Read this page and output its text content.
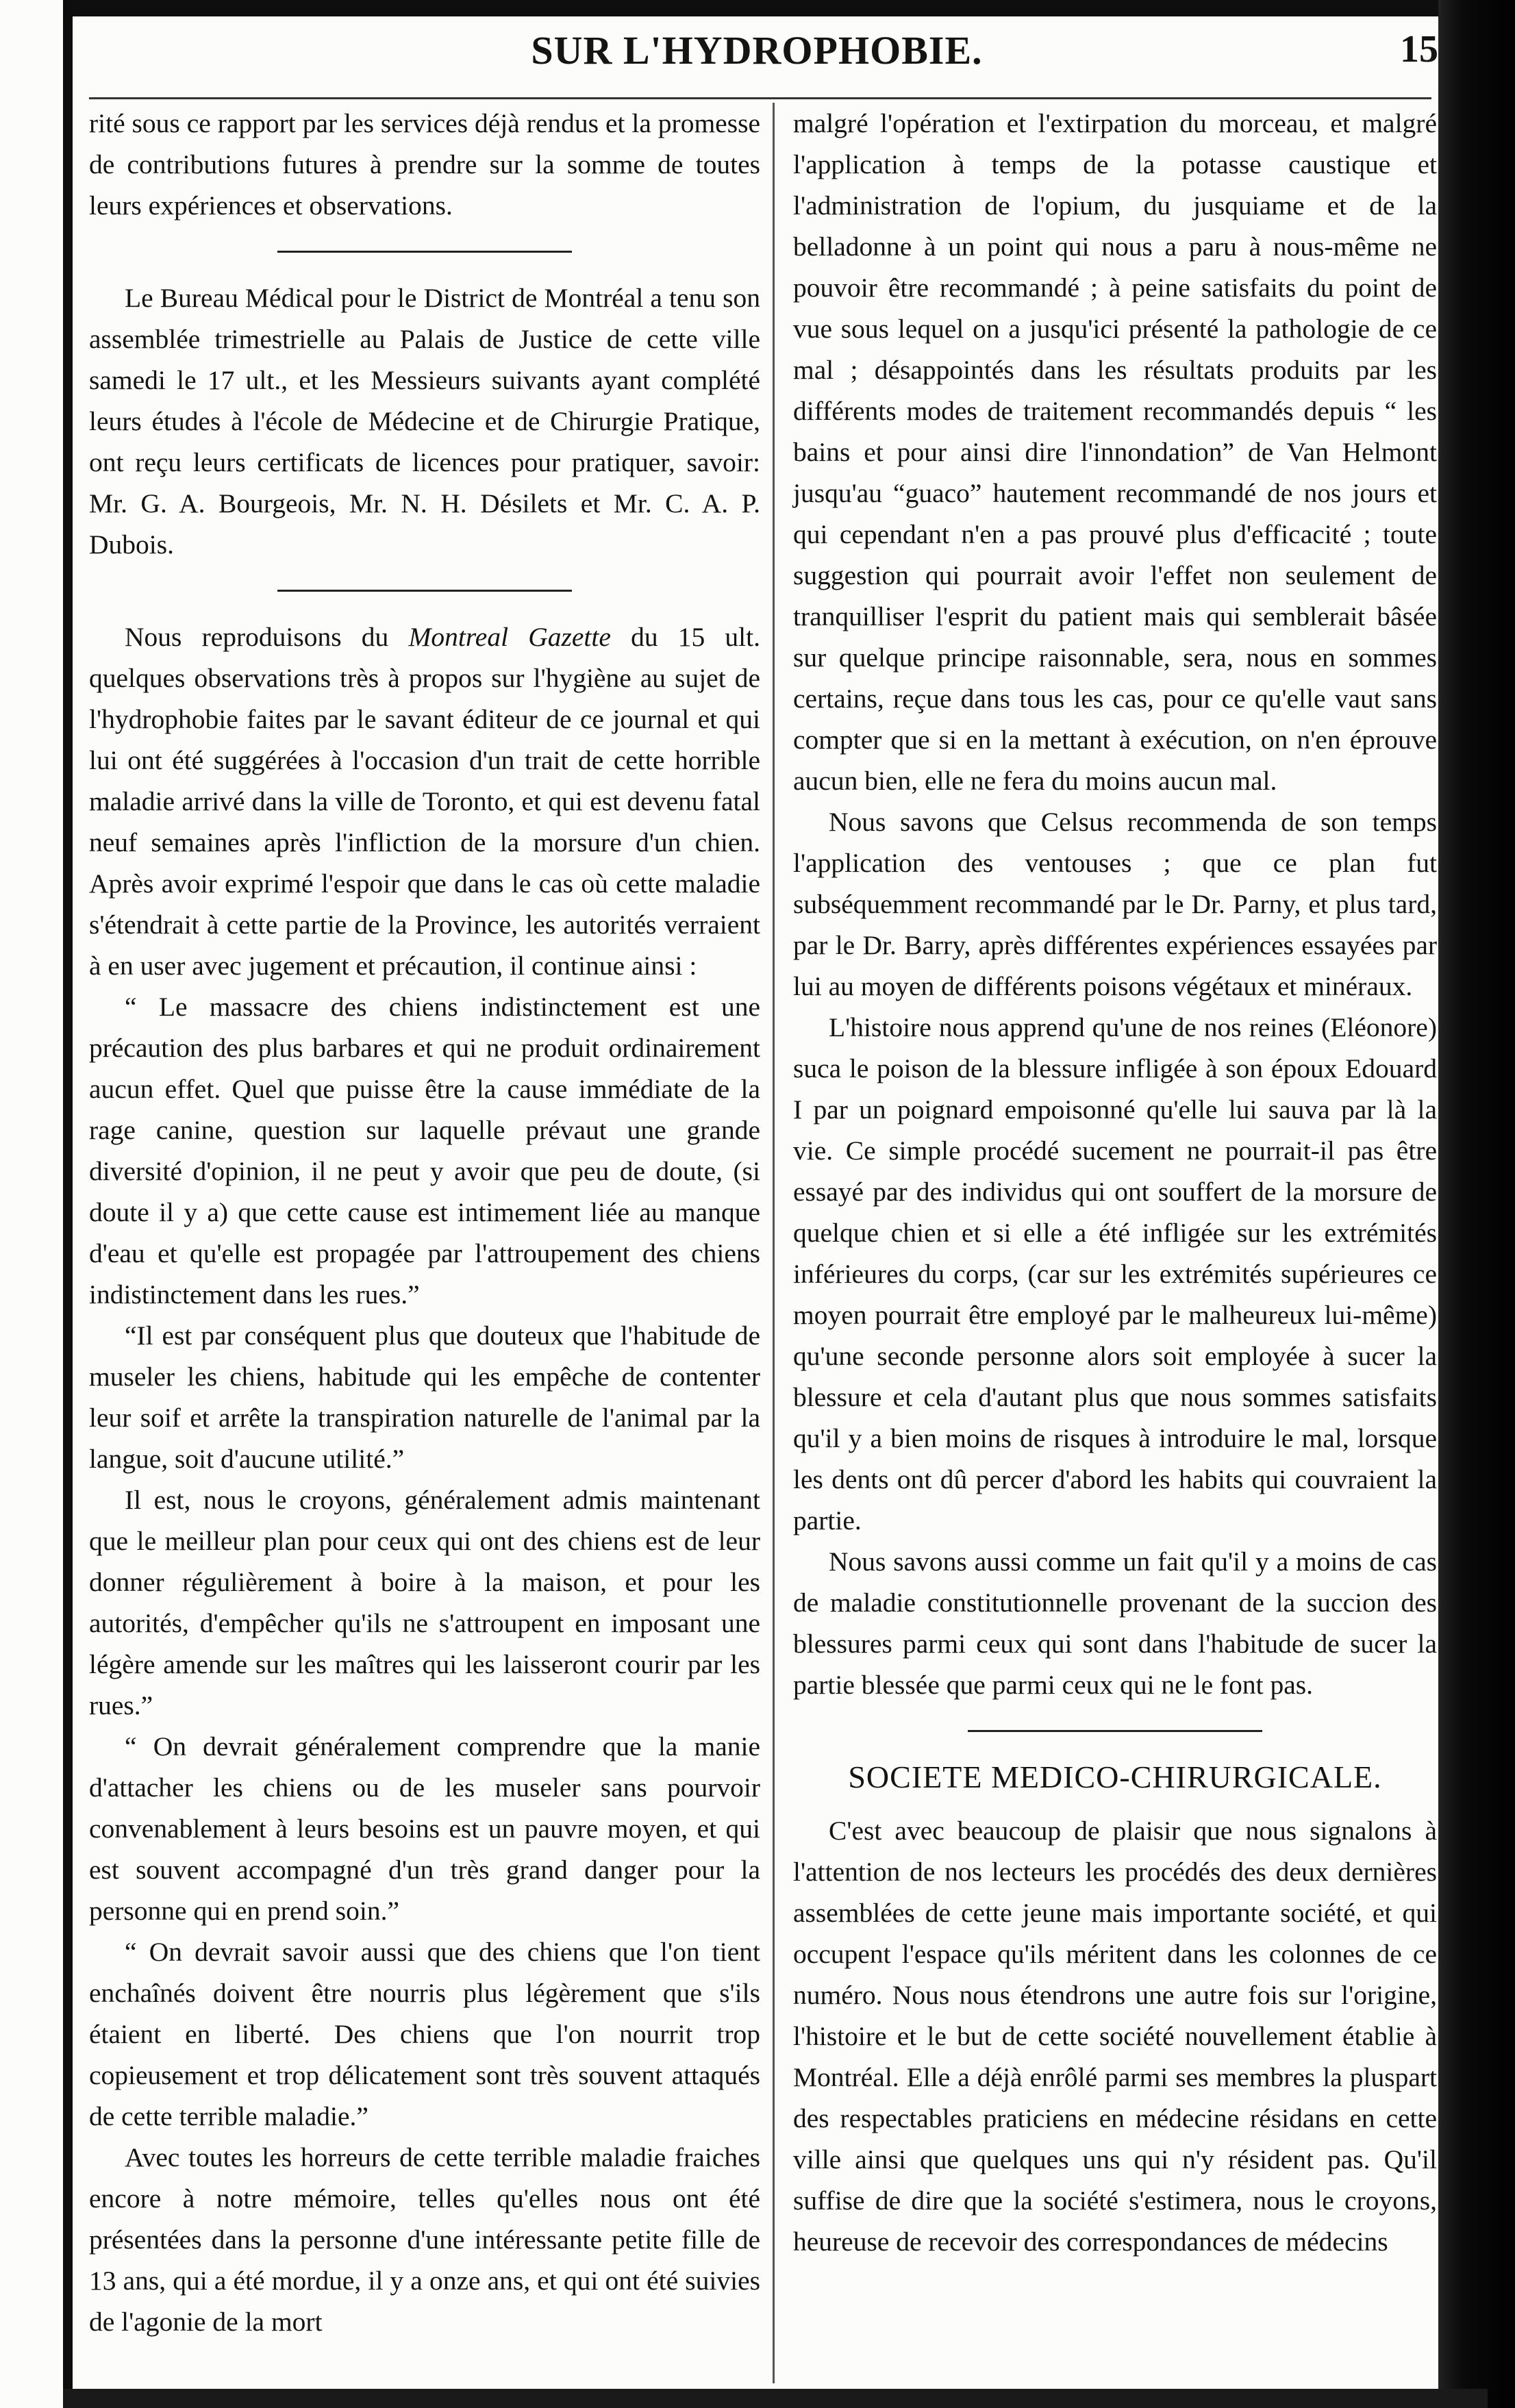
SUR L'HYDROPHOBIE.	15

rité sous ce rapport par les services déjà rendus et la promesse de contributions futures à prendre sur la somme de toutes leurs expériences et observations.

Le Bureau Médical pour le District de Montréal a tenu son assemblée trimestrielle au Palais de Justice de cette ville samedi le 17 ult., et les Messieurs suivants ayant complété leurs études à l'école de Médecine et de Chirurgie Pratique, ont reçu leurs certificats de licences pour pratiquer, savoir: Mr. G. A. Bourgeois, Mr. N. H. Désilets et Mr. C. A. P. Dubois.

Nous reproduisons du Montreal Gazette du 15 ult. quelques observations très à propos sur l'hygiène au sujet de l'hydrophobie faites par le savant éditeur de ce journal et qui lui ont été suggérées à l'occasion d'un trait de cette horrible maladie arrivé dans la ville de Toronto, et qui est devenu fatal neuf semaines après l'infliction de la morsure d'un chien. Après avoir exprimé l'espoir que dans le cas où cette maladie s'étendrait à cette partie de la Province, les autorités verraient à en user avec jugement et précaution, il continue ainsi :

“ Le massacre des chiens indistinctement est une précaution des plus barbares et qui ne produit ordinairement aucun effet. Quel que puisse être la cause immédiate de la rage canine, question sur laquelle prévaut une grande diversité d'opinion, il ne peut y avoir que peu de doute, (si doute il y a) que cette cause est intimement liée au manque d'eau et qu'elle est propagée par l'attroupement des chiens indistinctement dans les rues.”

“Il est par conséquent plus que douteux que l'habitude de museler les chiens, habitude qui les empêche de contenter leur soif et arrête la transpiration naturelle de l'animal par la langue, soit d'aucune utilité.”

Il est, nous le croyons, généralement admis maintenant que le meilleur plan pour ceux qui ont des chiens est de leur donner régulièrement à boire à la maison, et pour les autorités, d'empêcher qu'ils ne s'attroupent en imposant une légère amende sur les maîtres qui les laisseront courir par les rues.”

“ On devrait généralement comprendre que la manie d'attacher les chiens ou de les museler sans pourvoir convenablement à leurs besoins est un pauvre moyen, et qui est souvent accompagné d'un très grand danger pour la personne qui en prend soin.”

“ On devrait savoir aussi que des chiens que l'on tient enchaînés doivent être nourris plus légèrement que s'ils étaient en liberté. Des chiens que l'on nourrit trop copieusement et trop délicatement sont très souvent attaqués de cette terrible maladie.”

Avec toutes les horreurs de cette terrible maladie fraiches encore à notre mémoire, telles qu'elles nous ont été présentées dans la personne d'une intéressante petite fille de 13 ans, qui a été mordue, il y a onze ans, et qui ont été suivies de l'agonie de la mort

malgré l'opération et l'extirpation du morceau, et malgré l'application à temps de la potasse caustique et l'administration de l'opium, du jusquiame et de la belladonne à un point qui nous a paru à nous-même ne pouvoir être recommandé ; à peine satisfaits du point de vue sous lequel on a jusqu'ici présenté la pathologie de ce mal ; désappointés dans les résultats produits par les différents modes de traitement recommandés depuis “ les bains et pour ainsi dire l'innondation” de Van Helmont jusqu'au “guaco” hautement recommandé de nos jours et qui cependant n'en a pas prouvé plus d'efficacité ; toute suggestion qui pourrait avoir l'effet non seulement de tranquilliser l'esprit du patient mais qui semblerait bâsée sur quelque principe raisonnable, sera, nous en sommes certains, reçue dans tous les cas, pour ce qu'elle vaut sans compter que si en la mettant à exécution, on n'en éprouve aucun bien, elle ne fera du moins aucun mal.

Nous savons que Celsus recommenda de son temps l'application des ventouses ; que ce plan fut subséquemment recommandé par le Dr. Parny, et plus tard, par le Dr. Barry, après différentes expériences essayées par lui au moyen de différents poisons végétaux et minéraux.

L'histoire nous apprend qu'une de nos reines (Eléonore) suca le poison de la blessure infligée à son époux Edouard I par un poignard empoisonné qu'elle lui sauva par là la vie. Ce simple procédé sucement ne pourrait-il pas être essayé par des individus qui ont souffert de la morsure de quelque chien et si elle a été infligée sur les extrémités inférieures du corps, (car sur les extrémités supérieures ce moyen pourrait être employé par le malheureux lui-même) qu'une seconde personne alors soit employée à sucer la blessure et cela d'autant plus que nous sommes satisfaits qu'il y a bien moins de risques à introduire le mal, lorsque les dents ont dû percer d'abord les habits qui couvraient la partie.

Nous savons aussi comme un fait qu'il y a moins de cas de maladie constitutionnelle provenant de la succion des blessures parmi ceux qui sont dans l'habitude de sucer la partie blessée que parmi ceux qui ne le font pas.

SOCIETE MEDICO-CHIRURGICALE.

C'est avec beaucoup de plaisir que nous signalons à l'attention de nos lecteurs les procédés des deux dernières assemblées de cette jeune mais importante société, et qui occupent l'espace qu'ils méritent dans les colonnes de ce numéro. Nous nous étendrons une autre fois sur l'origine, l'histoire et le but de cette société nouvellement établie à Montréal. Elle a déjà enrôlé parmi ses membres la pluspart des respectables praticiens en médecine résidans en cette ville ainsi que quelques uns qui n'y résident pas. Qu'il suffise de dire que la société s'estimera, nous le croyons, heureuse de recevoir des correspondances de médecins
